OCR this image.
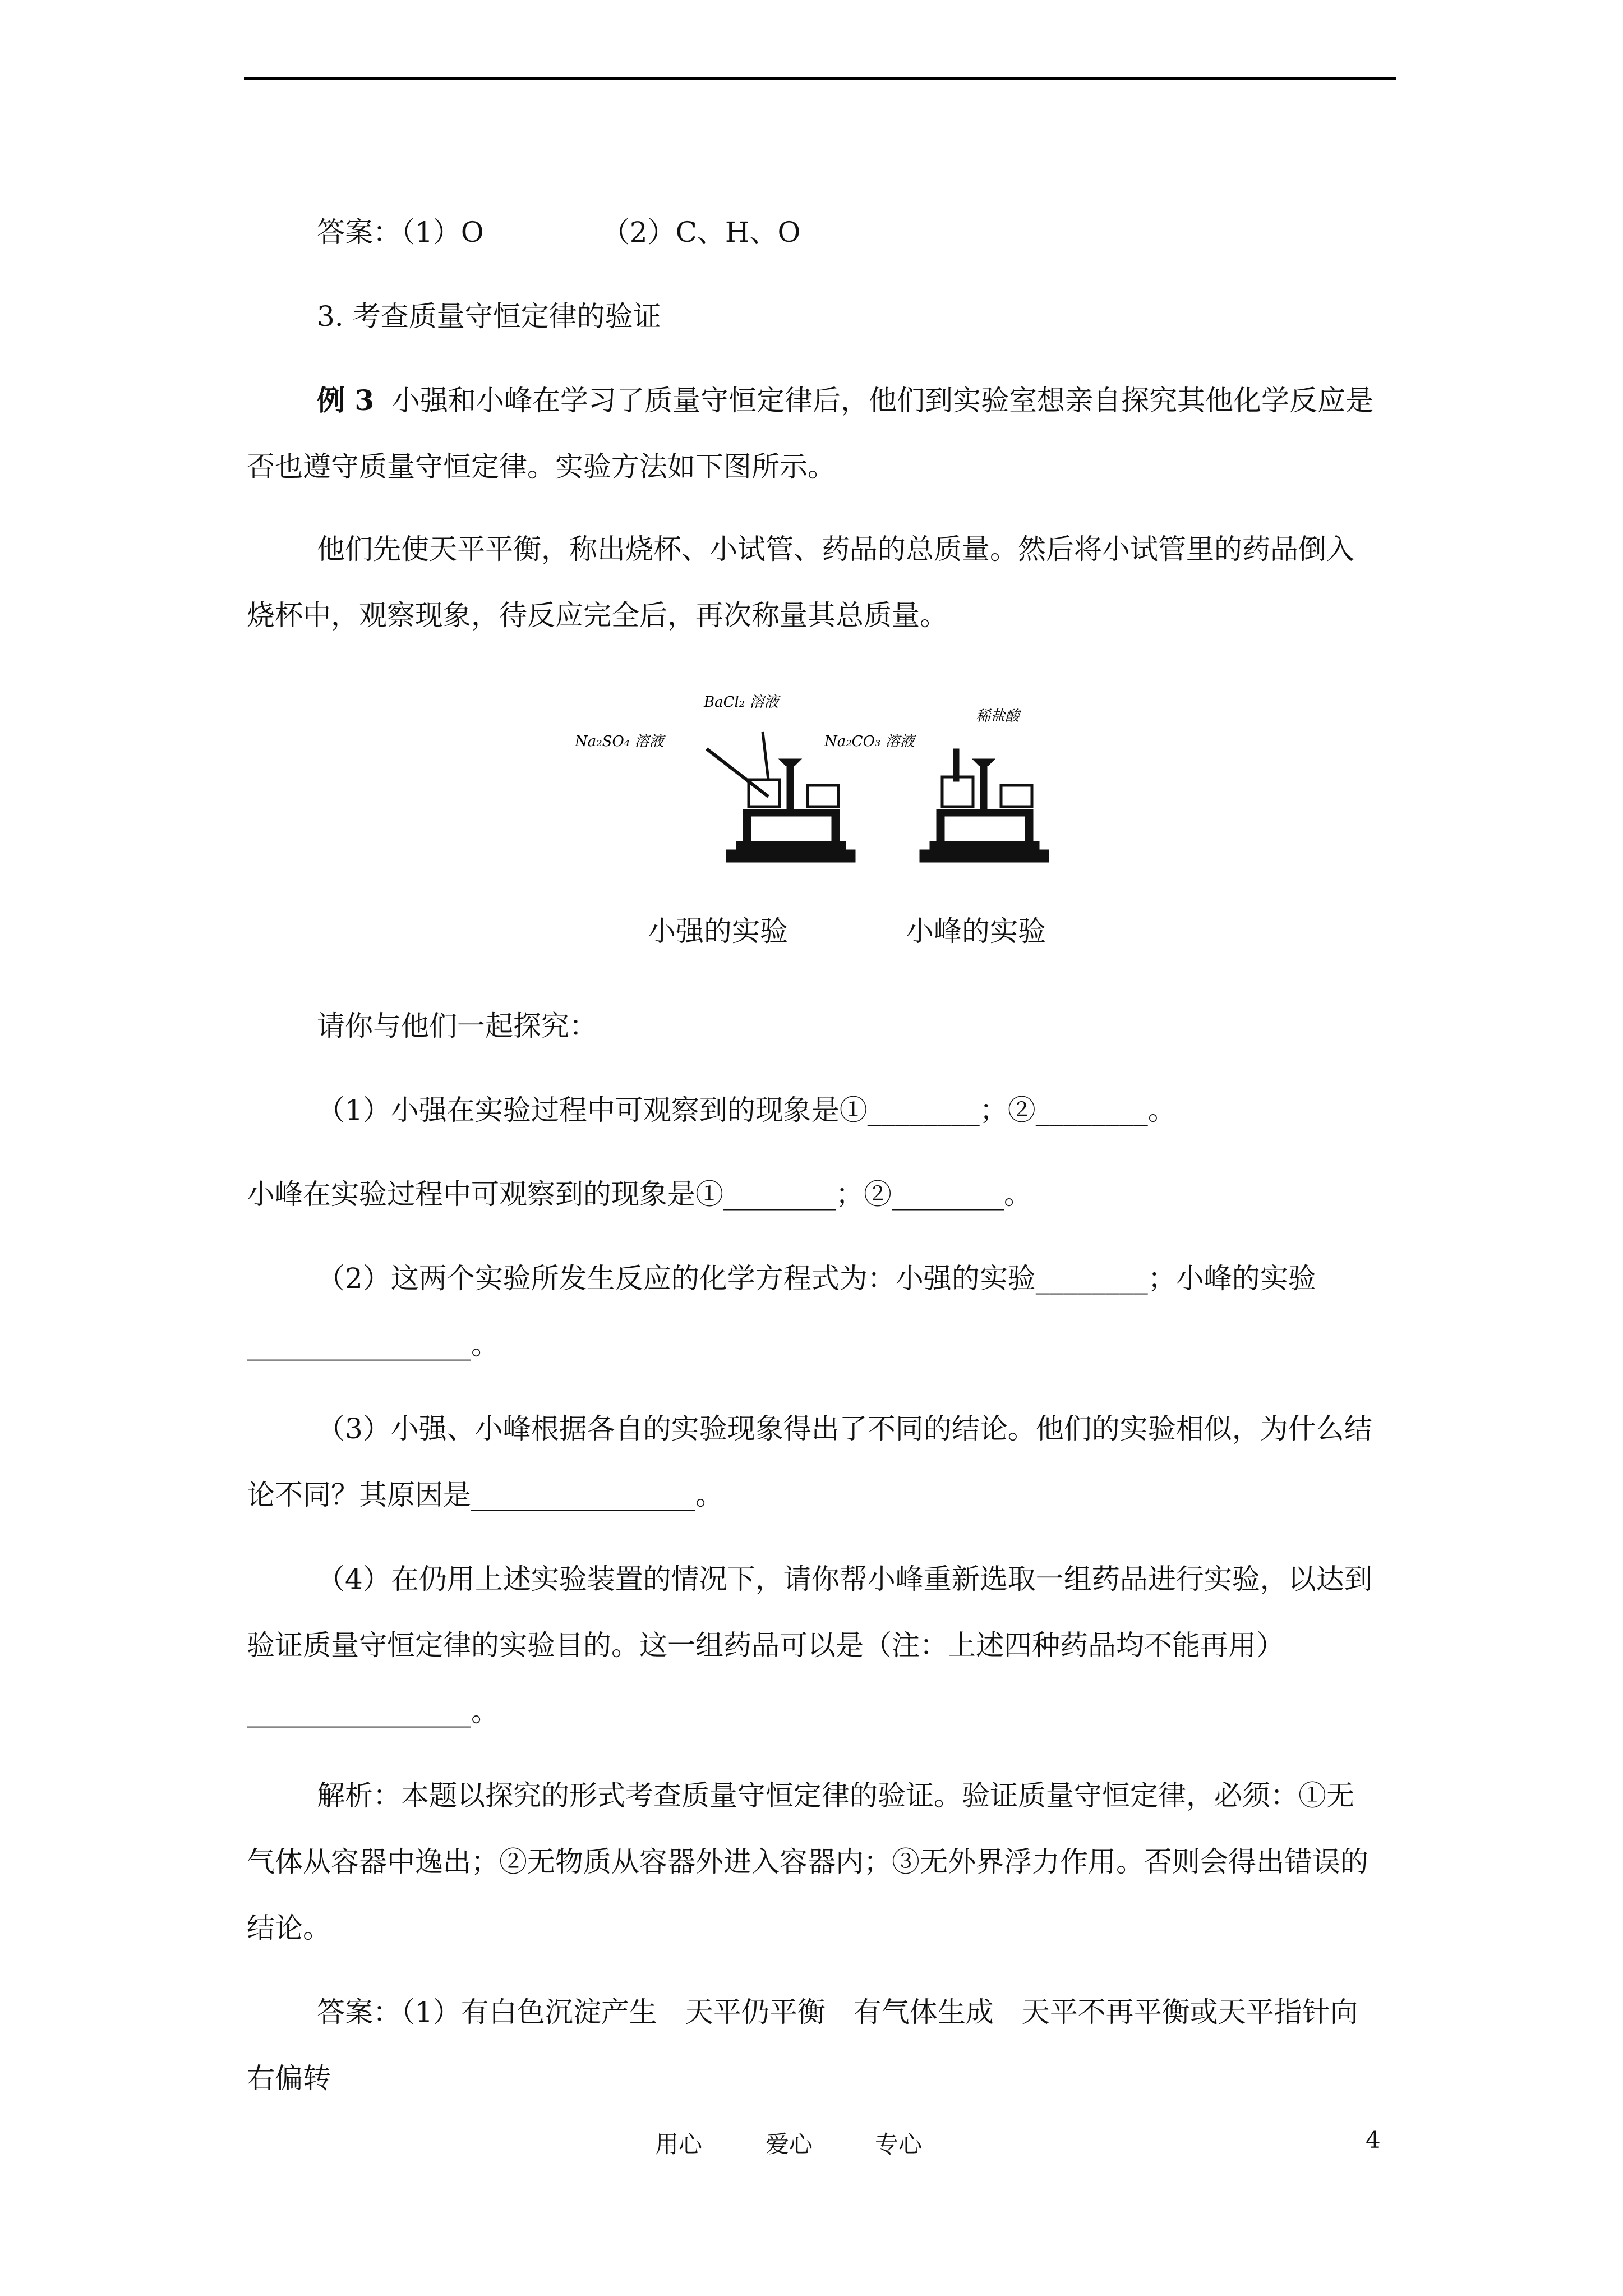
答案：（1）O	（2）C、H、O

3. 考查质量守恒定律的验证

例 3 小强和小峰在学习了质量守恒定律后，他们到实验室想亲自探究其他化学反应是

否也遵守质量守恒定律。实验方法如下图所示。

他们先使天平平衡，称出烧杯、小试管、药品的总质量。然后将小试管里的药品倒入

烧杯中，观察现象，待反应完全后，再次称量其总质量。

BaCl₂ 溶液
Na₂SO₄ 溶液	Na₂CO₃ 溶液
稀盐酸
小强的实验	小峰的实验

请你与他们一起探究：

（1）小强在实验过程中可观察到的现象是①________；②________。

小峰在实验过程中可观察到的现象是①________；②________。

（2）这两个实验所发生反应的化学方程式为：小强的实验________；小峰的实验

________________。

（3）小强、小峰根据各自的实验现象得出了不同的结论。他们的实验相似，为什么结

论不同？其原因是________________。

（4）在仍用上述实验装置的情况下，请你帮小峰重新选取一组药品进行实验，以达到

验证质量守恒定律的实验目的。这一组药品可以是（注：上述四种药品均不能再用）

________________。

解析：本题以探究的形式考查质量守恒定律的验证。验证质量守恒定律，必须：①无

气体从容器中逸出；②无物质从容器外进入容器内；③无外界浮力作用。否则会得出错误的

结论。

答案：（1）有白色沉淀产生　天平仍平衡　有气体生成　天平不再平衡或天平指针向

右偏转

用心	爱心	专心	4
